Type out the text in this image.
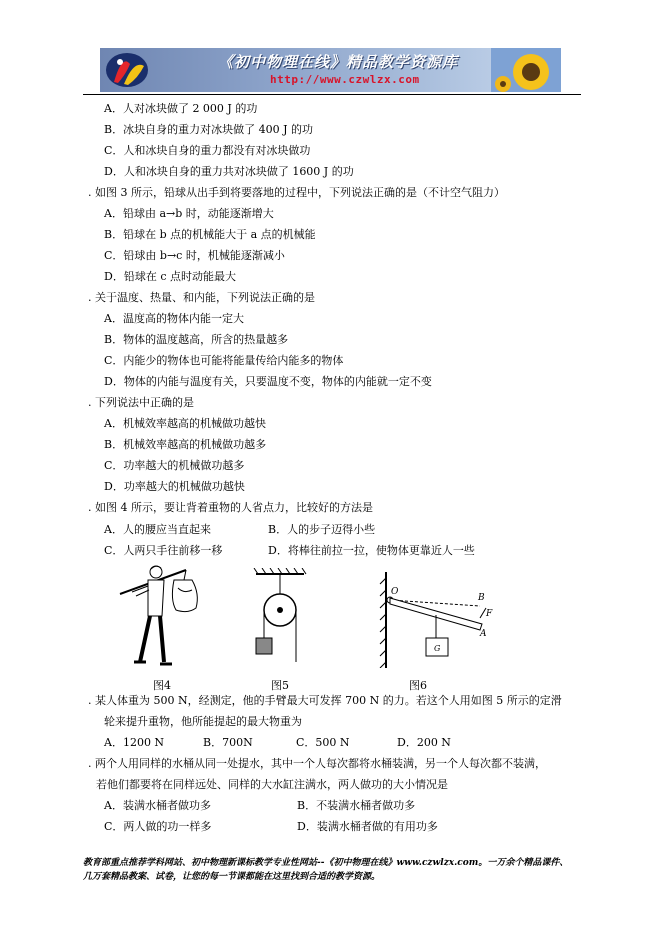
《初中物理在线》精品教学资源库
http://www.czwlzx.com
A．人对冰块做了 2 000 J 的功
B．冰块自身的重力对冰块做了 400 J 的功
C．人和冰块自身的重力都没有对冰块做功
D．人和冰块自身的重力共对冰块做了 1600 J 的功
. 如图 3 所示，铅球从出手到将要落地的过程中，下列说法正确的是（不计空气阻力）
A．铅球由 a→b 时，动能逐渐增大
B．铅球在 b 点的机械能大于 a 点的机械能
C．铅球由 b→c 时，机械能逐渐减小
D．铅球在 c 点时动能最大
. 关于温度、热量、和内能，下列说法正确的是
A．温度高的物体内能一定大
B．物体的温度越高，所含的热量越多
C．内能少的物体也可能将能量传给内能多的物体
D．物体的内能与温度有关，只要温度不变，物体的内能就一定不变
. 下列说法中正确的是
A．机械效率越高的机械做功越快
B．机械效率越高的机械做功越多
C．功率越大的机械做功越多
D．功率越大的机械做功越快
. 如图 4 所示，要让背着重物的人省点力，比较好的方法是
A．人的腰应当直起来	B．人的步子迈得小些
C．人两只手往前移一移	D．将棒往前拉一拉，使物体更靠近人一些
图4	图5
O
B
F
A
G
图6
. 某人体重为 500 N，经测定，他的手臂最大可发挥 700 N 的力。若这个人用如图 5 所示的定滑
轮来提升重物，他所能提起的最大物重为
A．1200 N	B．700N	C．500 N	D．200 N
. 两个人用同样的水桶从同一处提水，其中一个人每次都将水桶装满，另一个人每次都不装满，
若他们都要将在同样远处、同样的大水缸注满水，两人做功的大小情况是
A．装满水桶者做功多	B．不装满水桶者做功多
C．两人做的功一样多	D．装满水桶者做的有用功多
教育部重点推荐学科网站、初中物理新课标教学专业性网站--《初中物理在线》www.czwlzx.com。一万余个精品课件、
几万套精品教案、试卷，让您的每一节课都能在这里找到合适的教学资源。
